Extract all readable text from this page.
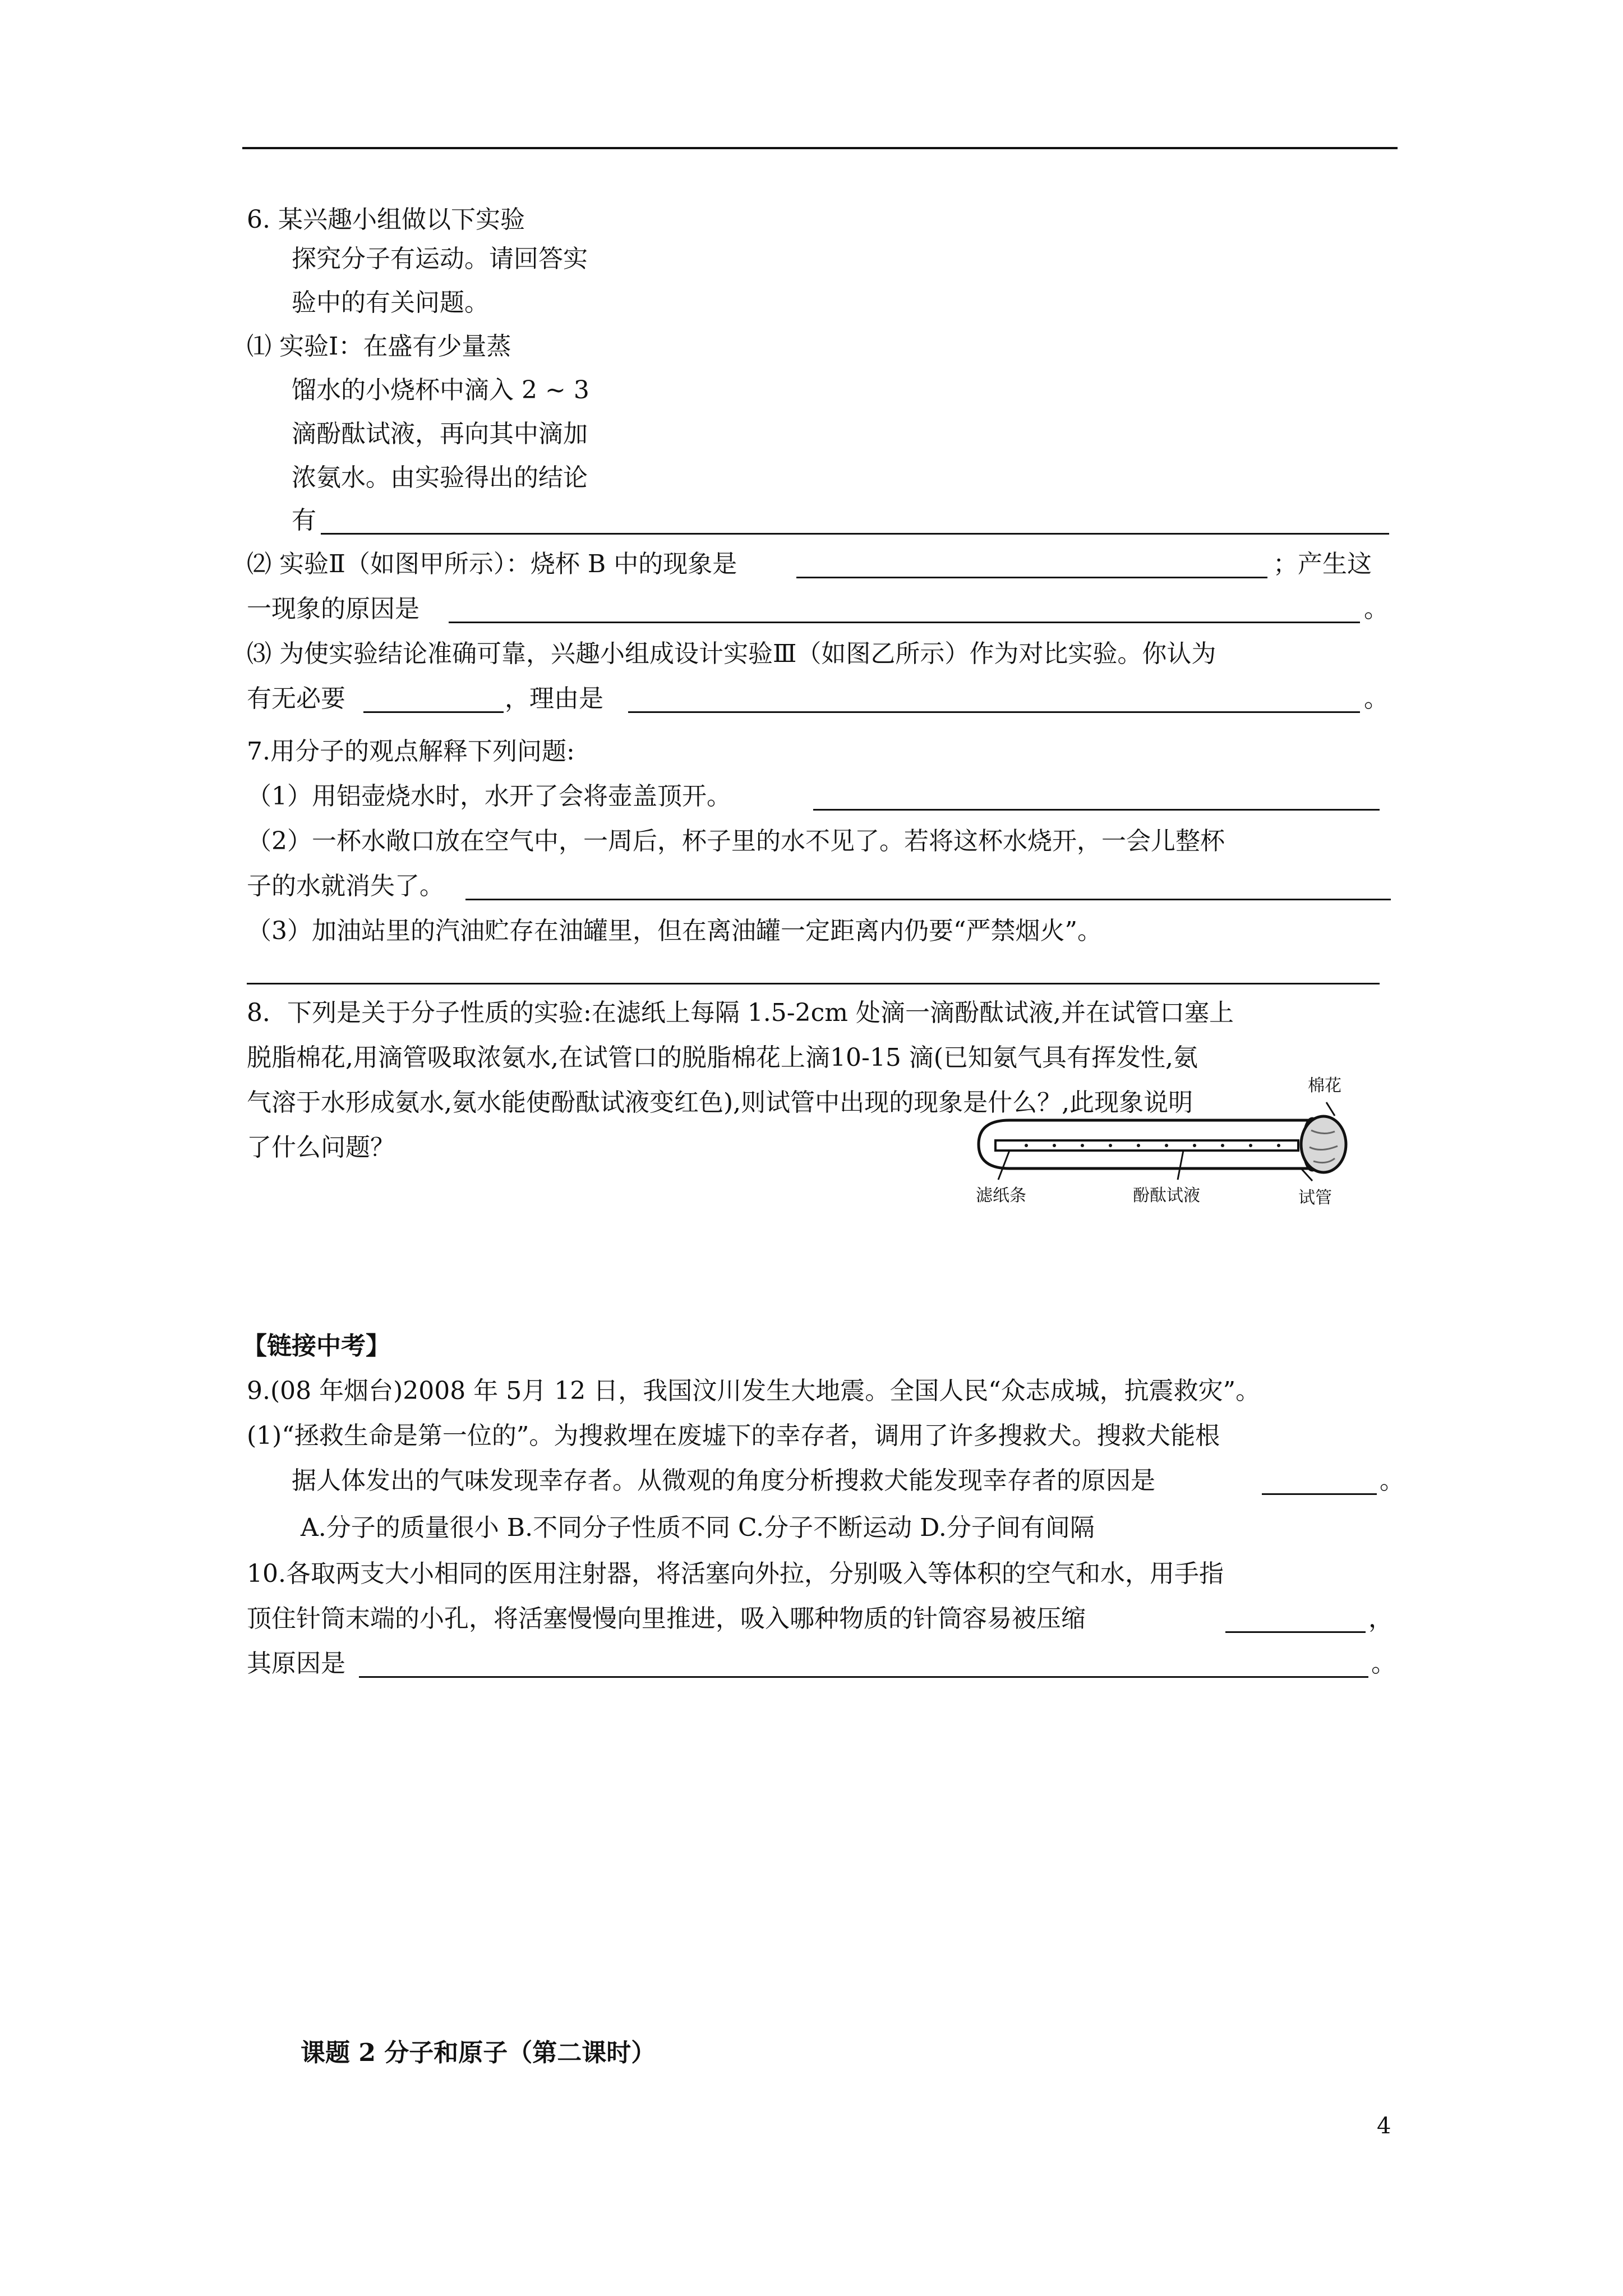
6. 某兴趣小组做以下实验
探究分子有运动。请回答实
验中的有关问题。
⑴ 实验Ⅰ：在盛有少量蒸
馏水的小烧杯中滴入 2 ~ 3
滴酚酞试液，再向其中滴加
浓氨水。由实验得出的结论
有
⑵ 实验Ⅱ（如图甲所示）：烧杯 B 中的现象是	；产生这
一现象的原因是	。
⑶ 为使实验结论准确可靠，兴趣小组成设计实验Ⅲ（如图乙所示）作为对比实验。你认为
有无必要	，理由是	。
7.用分子的观点解释下列问题:
（1）用铝壶烧水时，水开了会将壶盖顶开。
（2）一杯水敞口放在空气中，一周后，杯子里的水不见了。若将这杯水烧开，一会儿整杯
子的水就消失了。
（3）加油站里的汽油贮存在油罐里，但在离油罐一定距离内仍要“严禁烟火”。
8．下列是关于分子性质的实验:在滤纸上每隔 1.5-2cm 处滴一滴酚酞试液,并在试管口塞上
脱脂棉花,用滴管吸取浓氨水,在试管口的脱脂棉花上滴10-15 滴(已知氨气具有挥发性,氨
气溶于水形成氨水,氨水能使酚酞试液变红色),则试管中出现的现象是什么？,此现象说明
了什么问题？
棉花
滤纸条	酚酞试液	试管
【链接中考】
9.(08 年烟台)2008 年 5月 12 日，我国汶川发生大地震。全国人民“众志成城，抗震救灾”。
(1)“拯救生命是第一位的”。为搜救埋在废墟下的幸存者，调用了许多搜救犬。搜救犬能根
据人体发出的气味发现幸存者。从微观的角度分析搜救犬能发现幸存者的原因是	。
A.分子的质量很小 B.不同分子性质不同 C.分子不断运动 D.分子间有间隔
10.各取两支大小相同的医用注射器，将活塞向外拉，分别吸入等体积的空气和水，用手指
顶住针筒末端的小孔，将活塞慢慢向里推进，吸入哪种物质的针筒容易被压缩	，
其原因是	。
课题 2 分子和原子（第二课时）
4
